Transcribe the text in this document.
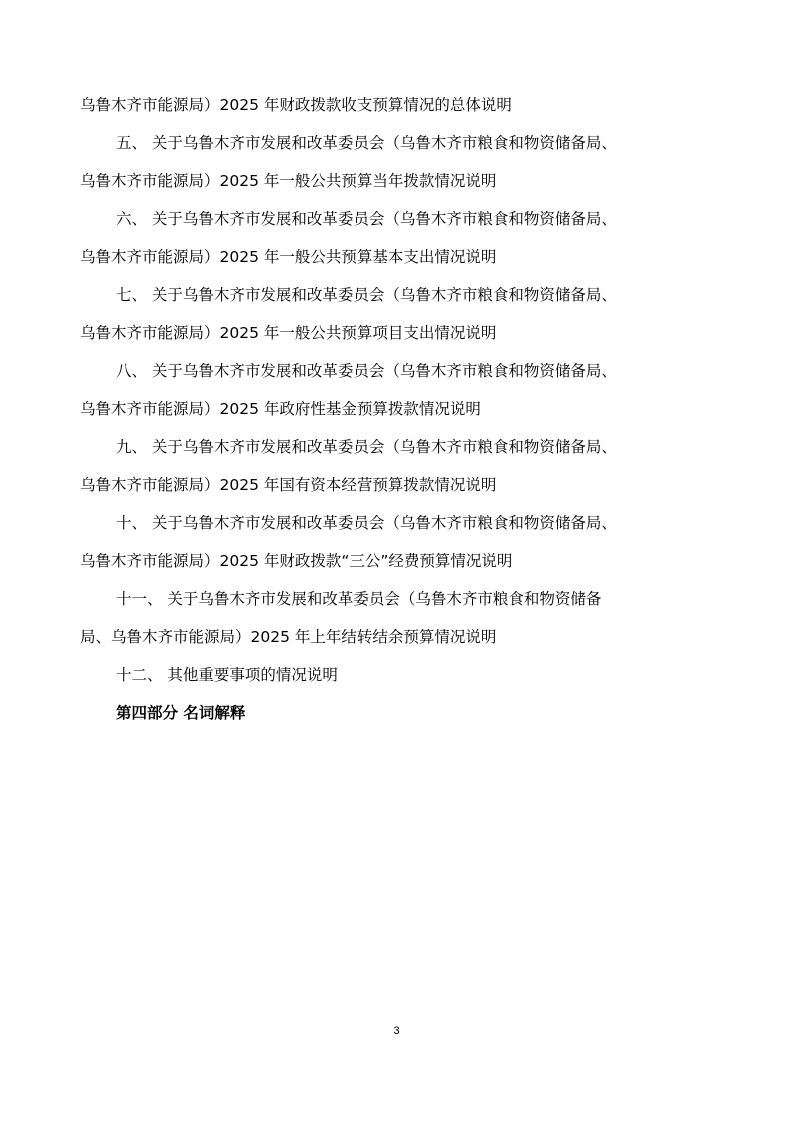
乌鲁木齐市能源局）2025 年财政拨款收支预算情况的总体说明
五、 关于乌鲁木齐市发展和改革委员会（乌鲁木齐市粮食和物资储备局、
乌鲁木齐市能源局）2025 年一般公共预算当年拨款情况说明
六、 关于乌鲁木齐市发展和改革委员会（乌鲁木齐市粮食和物资储备局、
乌鲁木齐市能源局）2025 年一般公共预算基本支出情况说明
七、 关于乌鲁木齐市发展和改革委员会（乌鲁木齐市粮食和物资储备局、
乌鲁木齐市能源局）2025 年一般公共预算项目支出情况说明
八、 关于乌鲁木齐市发展和改革委员会（乌鲁木齐市粮食和物资储备局、
乌鲁木齐市能源局）2025 年政府性基金预算拨款情况说明
九、 关于乌鲁木齐市发展和改革委员会（乌鲁木齐市粮食和物资储备局、
乌鲁木齐市能源局）2025 年国有资本经营预算拨款情况说明
十、 关于乌鲁木齐市发展和改革委员会（乌鲁木齐市粮食和物资储备局、
乌鲁木齐市能源局）2025 年财政拨款“三公”经费预算情况说明
十一、 关于乌鲁木齐市发展和改革委员会（乌鲁木齐市粮食和物资储备
局、乌鲁木齐市能源局）2025 年上年结转结余预算情况说明
十二、 其他重要事项的情况说明
第四部分 名词解释
3
